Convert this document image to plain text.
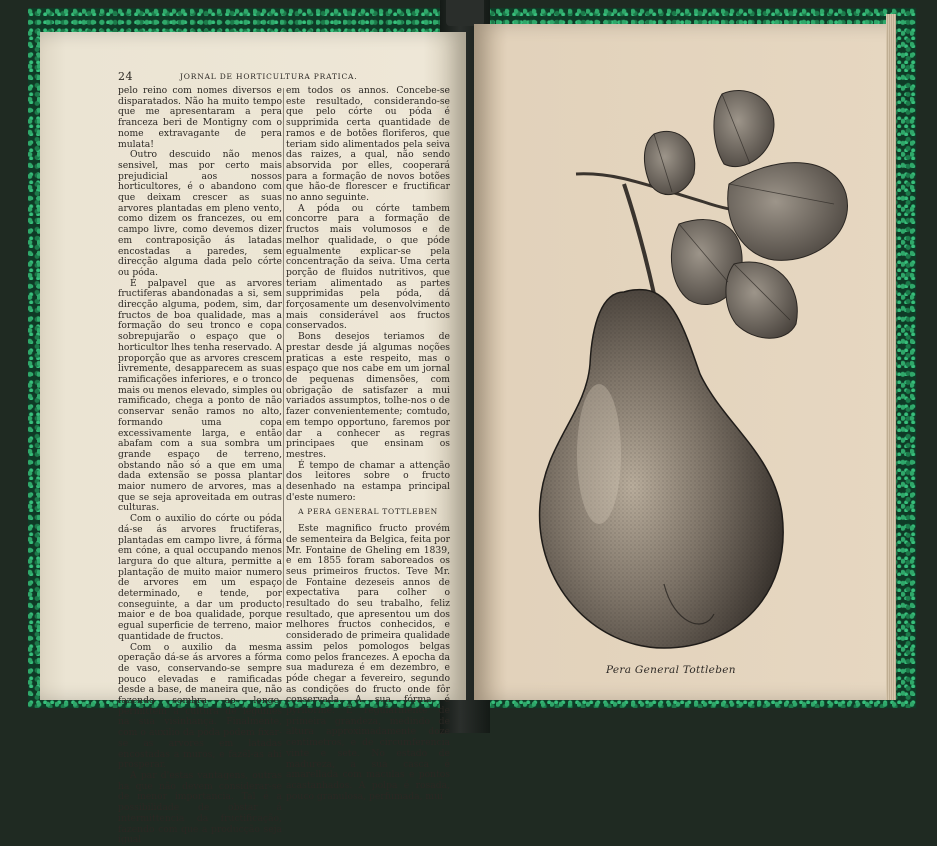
24	JORNAL DE HORTICULTURA PRATICA.

pelo reino com nomes diversos e disparatados. Não ha muito tempo que me apresentaram a pera franceza beri de Montigny com o nome extravagante de pera mulata!

Outro descuido não menos sensivel, mas por certo mais prejudicial aos nossos horticultores, é o abandono com que deixam crescer as suas arvores plantadas em pleno vento, como dizem os francezes, ou em campo livre, como devemos dizer em contraposição ás latadas encostadas a paredes, sem direcção alguma dada pelo córte ou póda.

É palpavel que as arvores fructiferas abandonadas a si, sem direcção alguma, podem, sim, dar fructos de boa qualidade, mas a formação do seu tronco e copa sobrepujarão o espaço que o horticultor lhes tenha reservado. A proporção que as arvores crescem livremente, desapparecem as suas ramificações inferiores, e o tronco mais ou menos elevado, simples ou ramificado, chega a ponto de não conservar senão ramos no alto, formando uma copa excessivamente larga, e então abafam com a sua sombra um grande espaço de terreno, obstando não só a que em uma dada extensão se possa plantar maior numero de arvores, mas a que se seja aproveitada em outras culturas.

Com o auxilio do córte ou póda dá-se ás arvores fructiferas, plantadas em campo livre, á fórma em cóne, a qual occupando menos largura do que altura, permitte a plantação de muito maior numero de arvores em um espaço determinado, e tende, por conseguinte, a dar um producto maior e de boa qualidade, porque egual superficie de terreno, maior quantidade de fructos.

Com o auxilio da mesma operação dá-se ás arvores a fórma de vaso, conservando-se sempre pouco elevadas e ramificadas desde a base, de maneira que, não fazendo sombra ao longe, permittem a cultura de legumes na sua visinhança. Finalmente, com o auxilio da póda podem fixar-se as arvores em latadas encostadas a muros, e fazêl-as ahi prosperar.

A par d'estas vantagens, outras ha que não devem considerar-se de menor importancia. Tal é a possibilidade de obstar á intermittencia da fructificação, fazendo com que a producção seja igual

em todos os annos. Concebe-se este resultado, considerando-se que pelo córte ou póda é supprimida certa quantidade de ramos e de botões floriferos, que teriam sido alimentados pela seiva das raizes, a qual, não sendo absorvida por elles, cooperará para a formação de novos botões que hão-de florescer e fructificar no anno seguinte.

A póda ou córte tambem concorre para a formação de fructos mais volumosos e de melhor qualidade, o que póde egualmente explicar-se pela concentração da seiva. Uma certa porção de fluidos nutritivos, que teriam alimentado as partes supprimidas pela póda, dá forçosamente um desenvolvimento mais considerável aos fructos conservados.

Bons desejos teriamos de prestar desde já algumas noções praticas a este respeito, mas o espaço que nos cabe em um jornal de pequenas dimensões, com obrigação de satisfazer a mui variados assumptos, tolhe-nos o de fazer convenientemente; comtudo, em tempo opportuno, faremos por dar a conhecer as regras principaes que ensinam os mestres.

É tempo de chamar a attenção dos leitores sobre o fructo desenhado na estampa principal d'este numero:

A PERA GENERAL TOTTLEBEN

Este magnifico fructo provém de sementeira da Belgica, feita por Mr. Fontaine de Gheling em 1839, e em 1855 foram saboreados os seus primeiros fructos. Teve Mr. de Fontaine dezeseis annos de expectativa para colher o resultado do seu trabalho, feliz resultado, que apresentou um dos melhores fructos conhecidos, e considerado de primeira qualidade assim pelos pomologos belgas como pelos francezes. A epocha da sua madureza é em dezembro, e póde chegar a fevereiro, segundo as condições do fructo onde fôr conservada. A sua fórma é pyriforme. É regularmente de primeira grandeza, medindo de altura approximadamente doze centimetros, e de circumferencia vinte e sete. No estado de madureza, a sua casca é amarellada com maculas e pontos acastanhados. A polpa é rosada, pouco granulosa, perfumada, mui

Pera General Tottleben
